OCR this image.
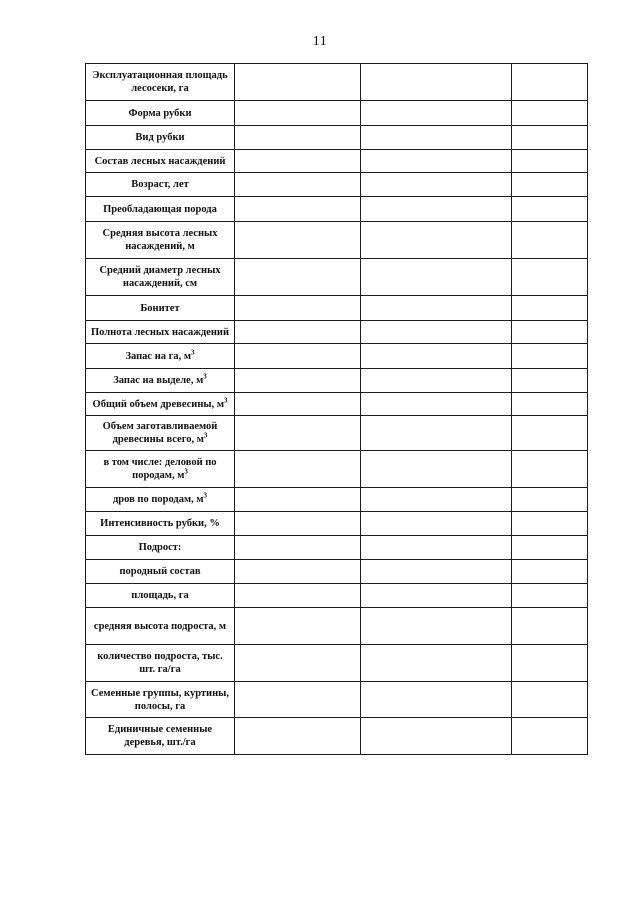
11
Эксплуатационная площадь лесосеки, га			
Форма рубки			
Вид рубки			
Состав лесных насаждений			
Возраст, лет			
Преобладающая порода			
Средняя высота лесных насаждений, м			
Средний диаметр лесных насаждений, см			
Бонитет			
Полнота лесных насаждений			
Запас на га, $м^3$			
Запас на выделе, $м^3$			
Общий объем древесины, $м^3$			
Объем заготавливаемой древесины всего, $м^3$			
в том числе: деловой по породам, $м^3$			
дров по породам, $м^3$			
Интенсивность рубки, %			
Подрост:			
породный состав			
площадь, га			
средняя высота подроста, м			
количество подроста, тыс. шт. га/га			
Семенные группы, куртины, полосы, га			
Единичные семенные деревья, шт./га			
